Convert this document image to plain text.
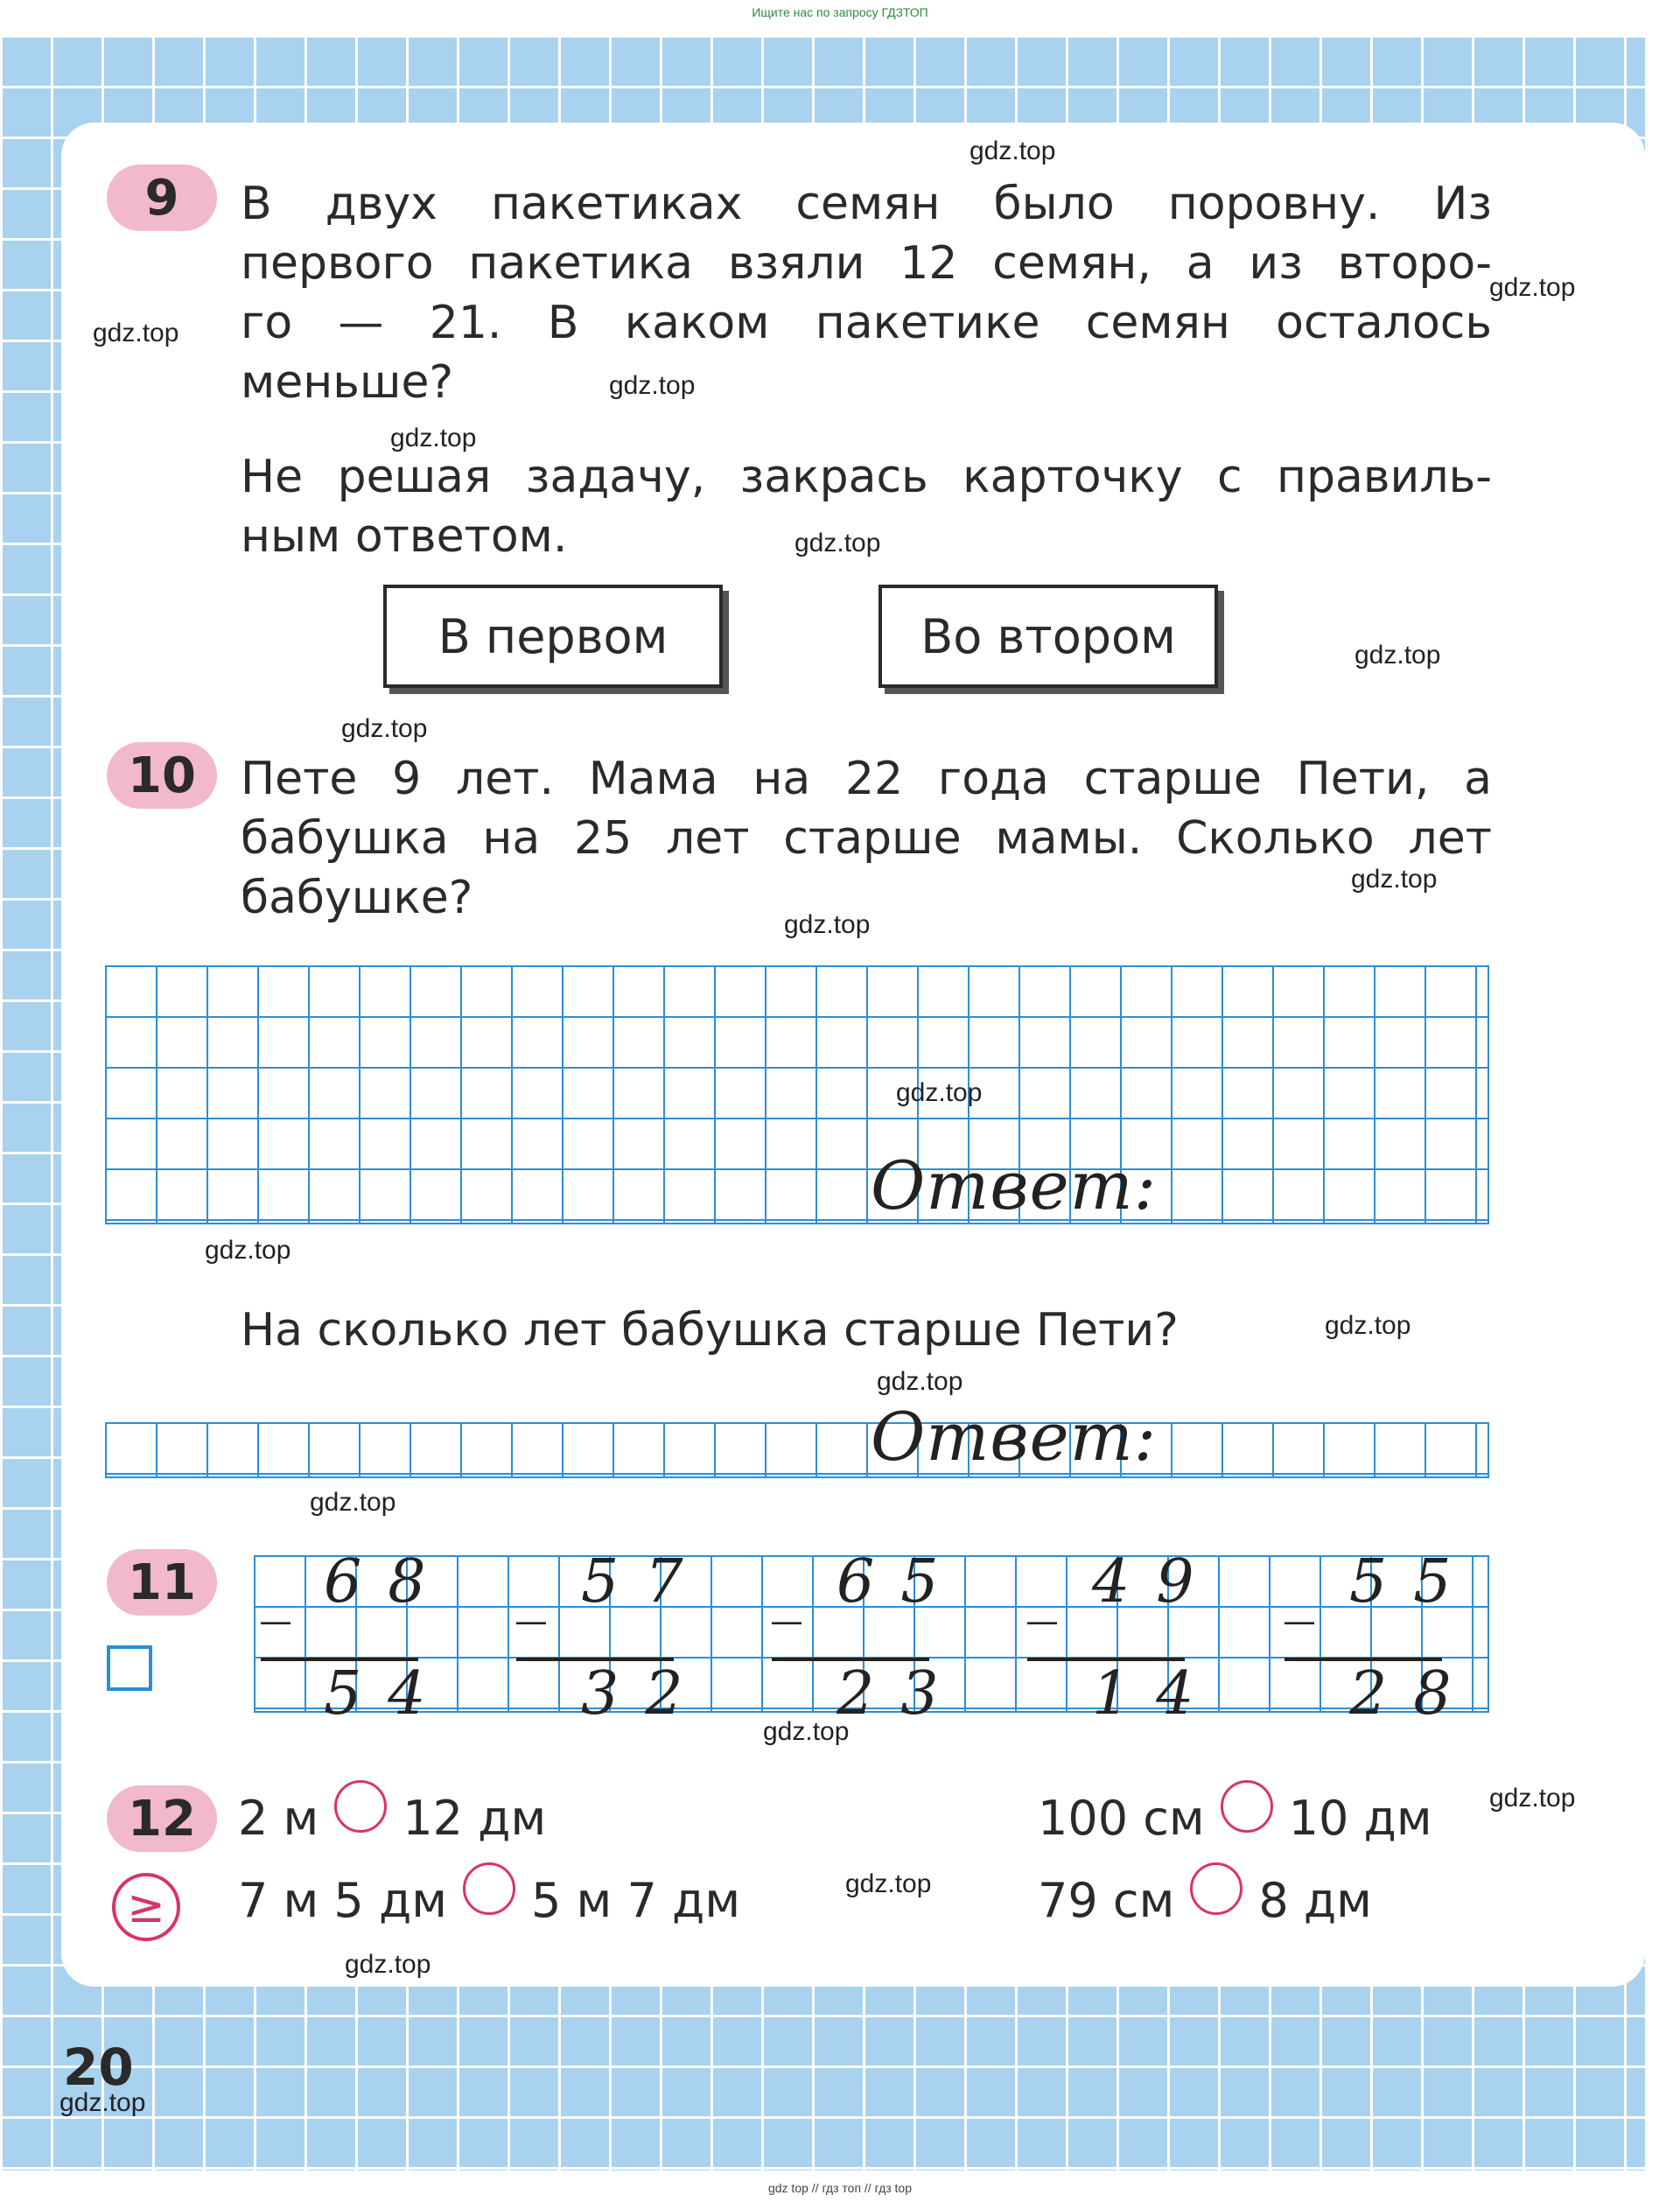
Ищите нас по запросу ГДЗТОП
9	В двух пакетиках семян было поровну. Из
первого пакетика взяли 12 семян, а из второ-
го — 21. В каком пакетике семян осталось
меньше?
Не решая задачу, закрась карточку с правиль-
ным ответом.
В первом	Во втором
10 Пете 9 лет. Мама на 22 года старше Пети, а
бабушка на 25 лет старше мамы. Сколько лет
бабушке?
Ответ:
На сколько лет бабушка старше Пети?
Ответ:
11	_ 68
54
_ 57
32
_ 65
23
_ 49
14
_ 55
28
12
≥
2 м 12 дм	100 см 10 дм
7 м 5 дм 5 м 7 дм	79 см 8 дм
20
gdz.top
gdz.top
gdz.top
gdz.top
gdz.top
gdz.top
gdz.top
gdz.top
gdz.top
gdz.top
gdz.top
gdz.top
gdz.top
gdz.top
gdz.top
gdz.top
gdz.top
gdz.top
gdz.top
gdz.top
gdz top // гдз топ // гдз top
